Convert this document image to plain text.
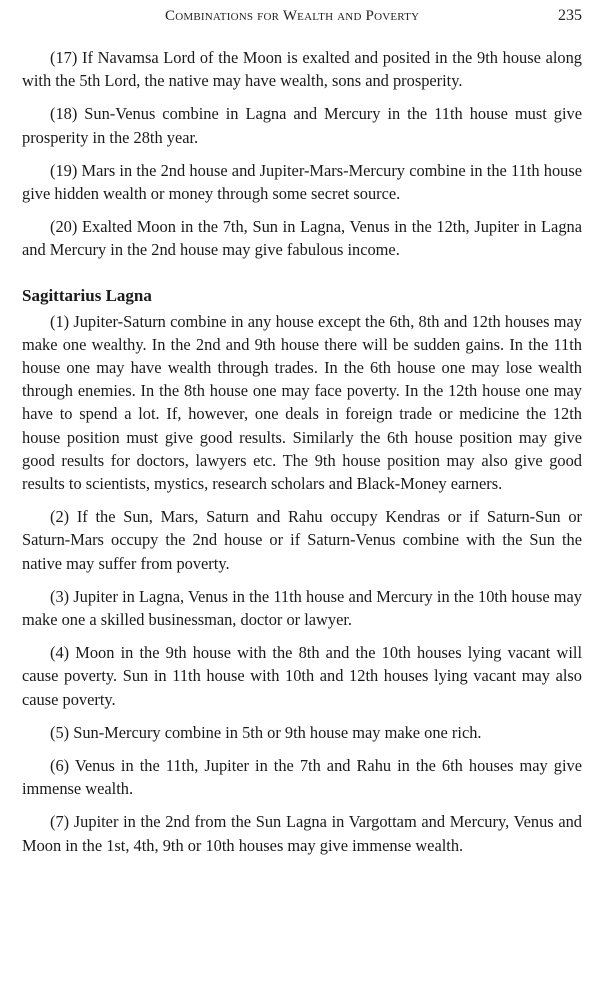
Combinations for Wealth and Poverty	235

(17) If Navamsa Lord of the Moon is exalted and posited in the 9th house along with the 5th Lord, the native may have wealth, sons and prosperity.

(18) Sun-Venus combine in Lagna and Mercury in the 11th house must give prosperity in the 28th year.

(19) Mars in the 2nd house and Jupiter-Mars-Mercury combine in the 11th house give hidden wealth or money through some secret source.

(20) Exalted Moon in the 7th, Sun in Lagna, Venus in the 12th, Jupiter in Lagna and Mercury in the 2nd house may give fabulous income.

Sagittarius Lagna

(1) Jupiter-Saturn combine in any house except the 6th, 8th and 12th houses may make one wealthy. In the 2nd and 9th house there will be sudden gains. In the 11th house one may have wealth through trades. In the 6th house one may lose wealth through enemies. In the 8th house one may face poverty. In the 12th house one may have to spend a lot. If, however, one deals in foreign trade or medicine the 12th house position must give good results. Similarly the 6th house position may give good results for doctors, lawyers etc. The 9th house position may also give good results to scientists, mystics, research scholars and Black-Money earners.

(2) If the Sun, Mars, Saturn and Rahu occupy Kendras or if Saturn-Sun or Saturn-Mars occupy the 2nd house or if Saturn-Venus combine with the Sun the native may suffer from poverty.

(3) Jupiter in Lagna, Venus in the 11th house and Mercury in the 10th house may make one a skilled businessman, doctor or lawyer.

(4) Moon in the 9th house with the 8th and the 10th houses lying vacant will cause poverty. Sun in 11th house with 10th and 12th houses lying vacant may also cause poverty.

(5) Sun-Mercury combine in 5th or 9th house may make one rich.

(6) Venus in the 11th, Jupiter in the 7th and Rahu in the 6th houses may give immense wealth.

(7) Jupiter in the 2nd from the Sun Lagna in Vargottam and Mercury, Venus and Moon in the 1st, 4th, 9th or 10th houses may give immense wealth.
